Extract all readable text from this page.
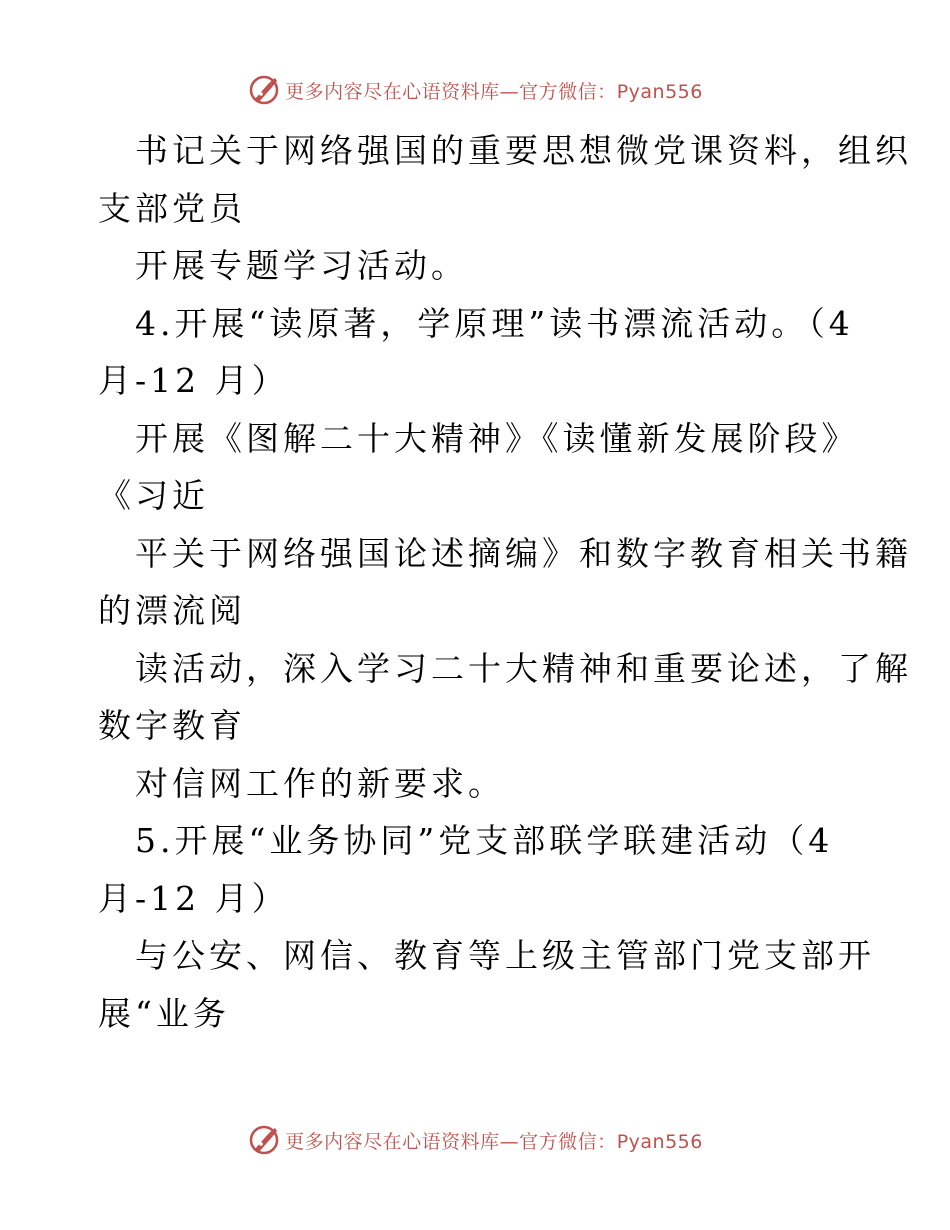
更多内容尽在心语资料库—官方微信：Pyan556
书记关于网络强国的重要思想微党课资料，组织
支部党员
开展专题学习活动。
4.开展“读原著，学原理”读书漂流活动。（4
月-12 月）
开展《图解二十大精神》《读懂新发展阶段》
《习近
平关于网络强国论述摘编》和数字教育相关书籍
的漂流阅
读活动，深入学习二十大精神和重要论述，了解
数字教育
对信网工作的新要求。
5.开展“业务协同”党支部联学联建活动（4
月-12 月）
与公安、网信、教育等上级主管部门党支部开
展“业务
更多内容尽在心语资料库—官方微信：Pyan556
